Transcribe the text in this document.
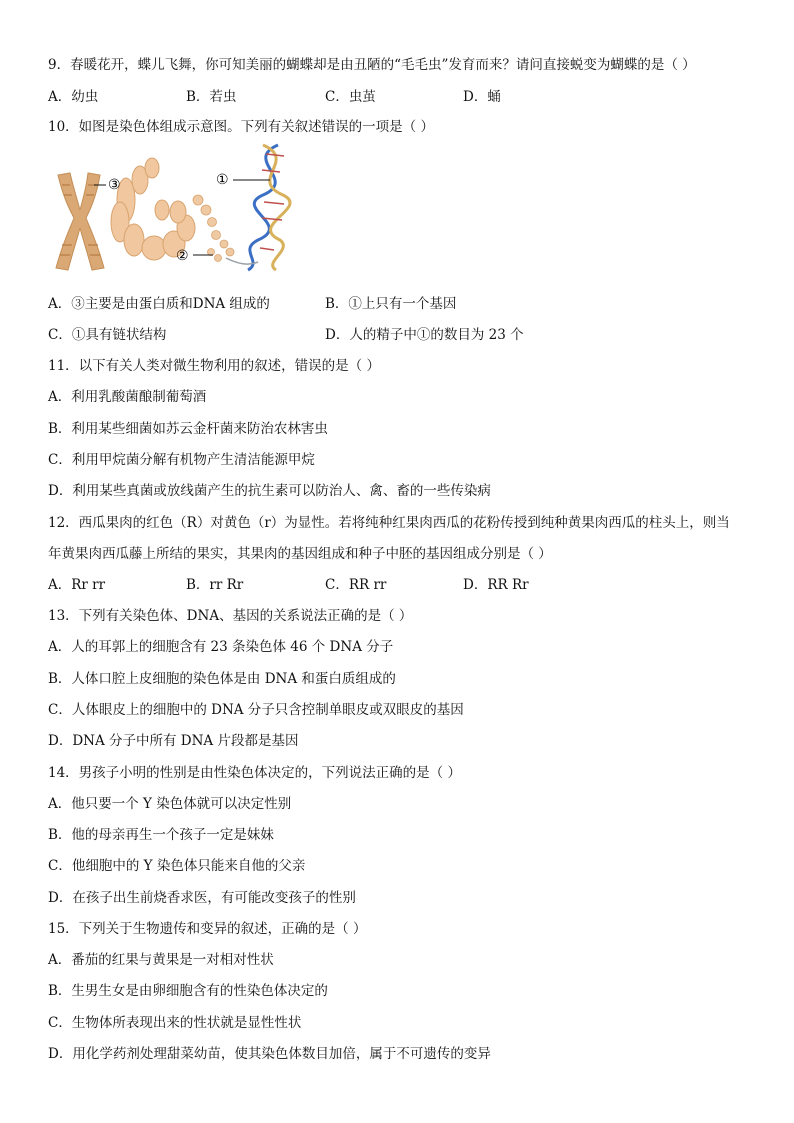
9．春暖花开，蝶儿飞舞，你可知美丽的蝴蝶却是由丑陋的“毛毛虫”发育而来？请问直接蜕变为蝴蝶的是（ ）
A．幼虫	B．若虫	C．虫茧	D．蛹
10．如图是染色体组成示意图。下列有关叙述错误的一项是（ ）
③	①
②
A．③主要是由蛋白质和DNA 组成的	B．①上只有一个基因
C．①具有链状结构	D．人的精子中①的数目为 23 个
11．以下有关人类对微生物利用的叙述，错误的是（ ）
A．利用乳酸菌酿制葡萄酒
B．利用某些细菌如苏云金杆菌来防治农林害虫
C．利用甲烷菌分解有机物产生清洁能源甲烷
D．利用某些真菌或放线菌产生的抗生素可以防治人、禽、畜的一些传染病
12．西瓜果肉的红色（R）对黄色（r）为显性。若将纯种红果肉西瓜的花粉传授到纯种黄果肉西瓜的柱头上，则当
年黄果肉西瓜藤上所结的果实，其果肉的基因组成和种子中胚的基因组成分别是（ ）
A．Rr rr	B．rr Rr	C．RR rr	D．RR Rr
13．下列有关染色体、DNA、基因的关系说法正确的是（ ）
A．人的耳郭上的细胞含有 23 条染色体 46 个 DNA 分子
B．人体口腔上皮细胞的染色体是由 DNA 和蛋白质组成的
C．人体眼皮上的细胞中的 DNA 分子只含控制单眼皮或双眼皮的基因
D．DNA 分子中所有 DNA 片段都是基因
14．男孩子小明的性别是由性染色体决定的，下列说法正确的是（ ）
A．他只要一个 Y 染色体就可以决定性别
B．他的母亲再生一个孩子一定是妹妹
C．他细胞中的 Y 染色体只能来自他的父亲
D．在孩子出生前烧香求医，有可能改变孩子的性别
15．下列关于生物遗传和变异的叙述，正确的是（ ）
A．番茄的红果与黄果是一对相对性状
B．生男生女是由卵细胞含有的性染色体决定的
C．生物体所表现出来的性状就是显性性状
D．用化学药剂处理甜菜幼苗，使其染色体数目加倍，属于不可遗传的变异
